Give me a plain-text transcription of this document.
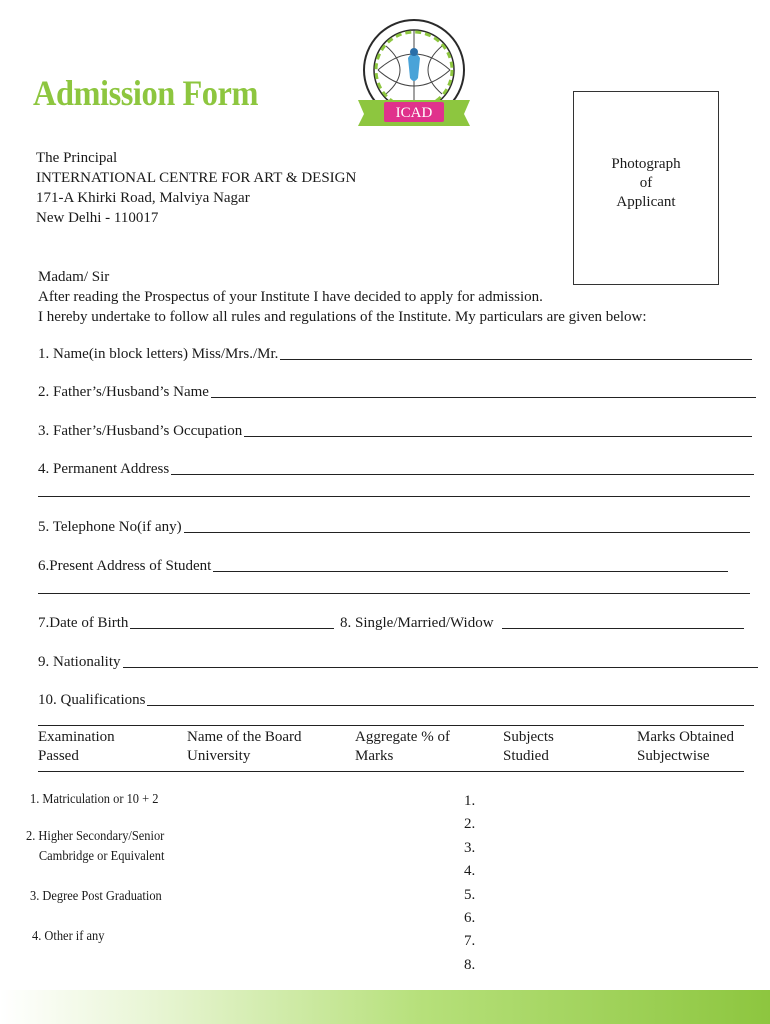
ICAD
Admission Form
The Principal
INTERNATIONAL CENTRE FOR ART & DESIGN
171-A Khirki Road, Malviya Nagar
New Delhi - 110017
Photograph
of
Applicant
Madam/ Sir
After reading the Prospectus of your Institute I have decided to apply for admission.
I hereby undertake to follow all rules and regulations of the Institute. My particulars are given below:
1. Name(in block letters) Miss/Mrs./Mr.
2. Father’s/Husband’s Name
3. Father’s/Husband’s Occupation
4. Permanent Address
5. Telephone No(if any)
6.Present Address of Student
7.Date of Birth	8. Single/Married/Widow
9. Nationality
10. Qualifications
Examination
Passed
Name of the Board
University
Aggregate % of
Marks
Subjects
Studied
Marks Obtained
Subjectwise
1. Matriculation or 10 + 2
2. Higher Secondary/Senior
Cambridge or Equivalent
3. Degree Post Graduation
4. Other if any
1.
2.
3.
4.
5.
6.
7.
8.
